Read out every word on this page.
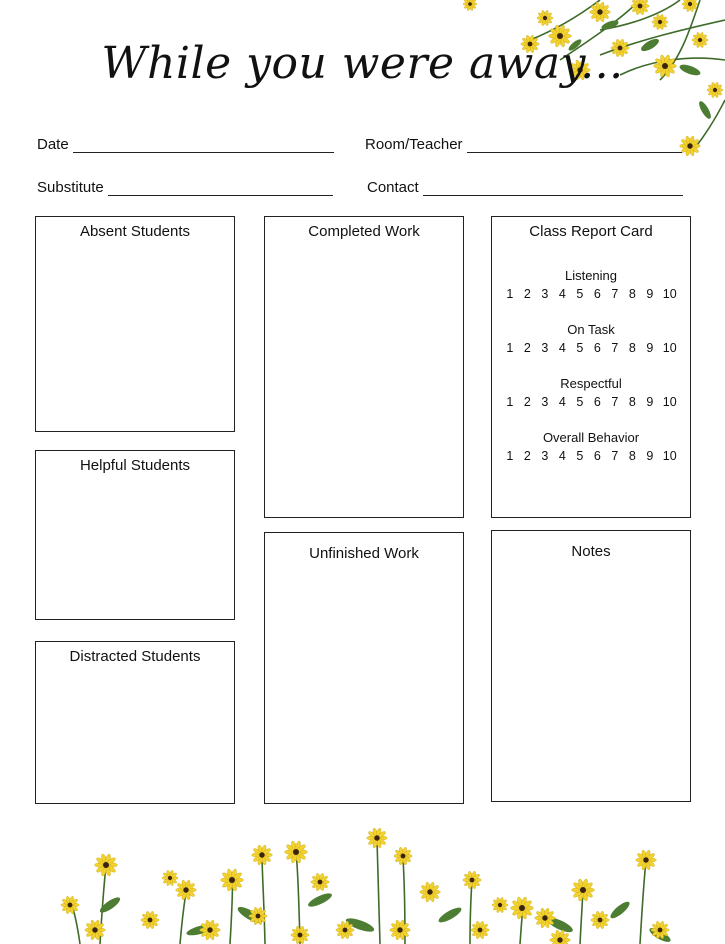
While you were away...
Date	Room/Teacher
Substitute	Contact
Absent Students
Helpful Students
Distracted Students
Completed Work
Unfinished Work
Class Report Card
Listening
1 2 3 4 5 6 7 8 9 10
On Task
1 2 3 4 5 6 7 8 9 10
Respectful
1 2 3 4 5 6 7 8 9 10
Overall Behavior
1 2 3 4 5 6 7 8 9 10
Notes
